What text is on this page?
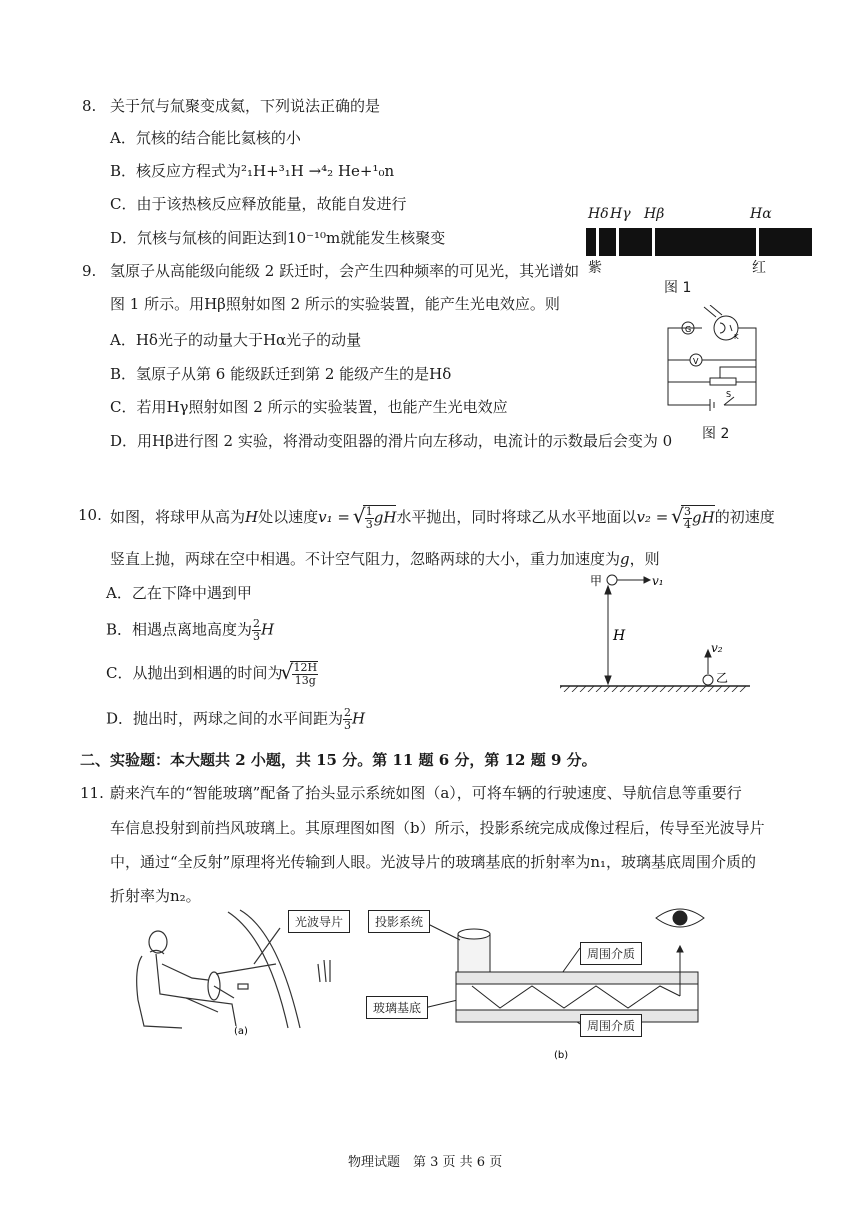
8. 关于氘与氚聚变成氦，下列说法正确的是
A．氘核的结合能比氦核的小
B．核反应方程式为²₁H+³₁H →⁴₂ He+¹₀n
C．由于该热核反应释放能量，故能自发进行
D．氘核与氚核的间距达到10⁻¹⁰m就能发生核聚变
Hδ Hγ Hβ	Hα
紫	红
图 1
G
V
K
S
图 2
9. 氢原子从高能级向能级 2 跃迁时，会产生四种频率的可见光，其光谱如
图 1 所示。用Hβ照射如图 2 所示的实验装置，能产生光电效应。则
A．Hδ光子的动量大于Hα光子的动量
B．氢原子从第 6 能级跃迁到第 2 能级产生的是Hδ
C．若用Hγ照射如图 2 所示的实验装置，也能产生光电效应
D．用Hβ进行图 2 实验，将滑动变阻器的滑片向左移动，电流计的示数最后会变为 0
10. 如图，将球甲从高为H处以速度v₁ = √ $\frac{1}{3}$ gH水平抛出，同时将球乙从水平地面以v₂ = √ $\frac{3}{4}$ gH的初速度
竖直上抛，两球在空中相遇。不计空气阻力，忽略两球的大小，重力加速度为g，则
A．乙在下降中遇到甲
B．相遇点离地高度为 $\frac{2}{3}$ H
C．从抛出到相遇的时间为 √ $\frac{12H}{13g}$
D．抛出时，两球之间的水平间距为 $\frac{2}{3}$ H
甲	v₁
H
v₂
乙
二、实验题：本大题共 2 小题，共 15 分。第 11 题 6 分，第 12 题 9 分。
11. 蔚来汽车的“智能玻璃”配备了抬头显示系统如图（a），可将车辆的行驶速度、导航信息等重要行
车信息投射到前挡风玻璃上。其原理图如图（b）所示，投影系统完成成像过程后，传导至光波导片
中，通过“全反射”原理将光传输到人眼。光波导片的玻璃基底的折射率为n₁，玻璃基底周围介质的
折射率为n₂。
(a)
光波导片
(b)
投影系统
周围介质
玻璃基底
周围介质
物理试题　第 3 页 共 6 页
